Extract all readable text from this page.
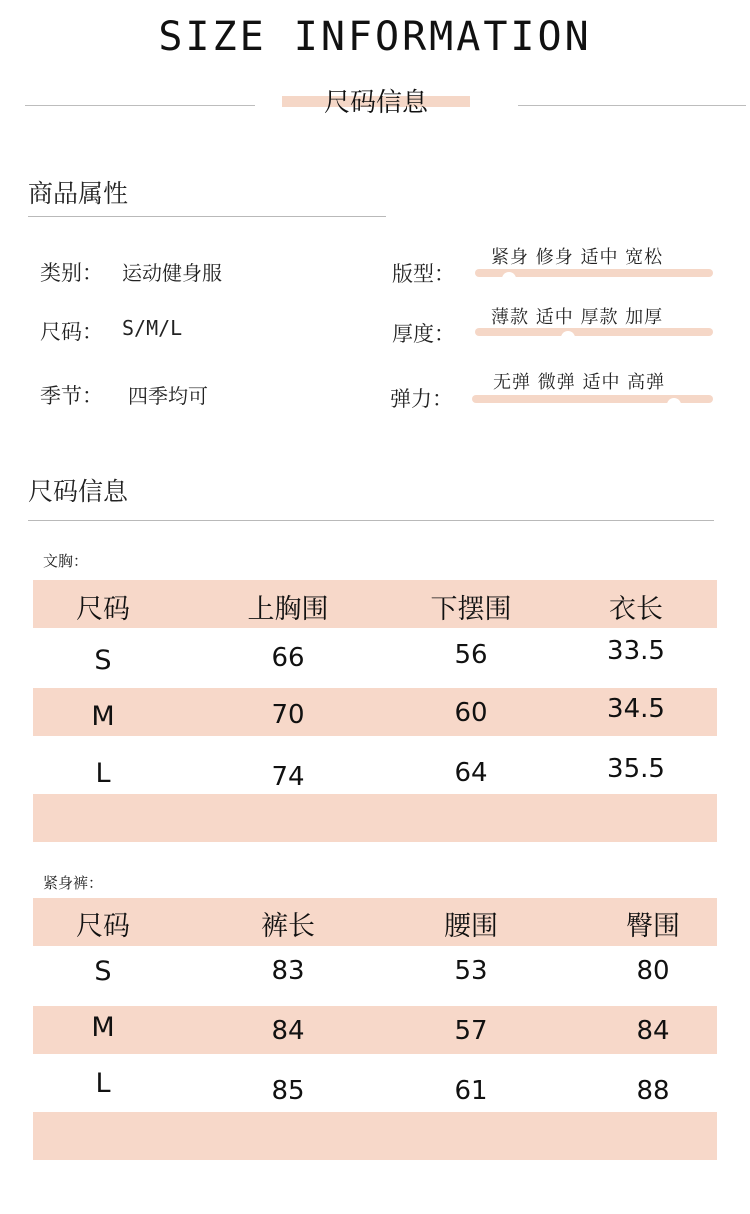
SIZE INFORMATION
尺码信息
商品属性
类别： 运动健身服
尺码： S/M/L
季节： 四季均可
版型：
紧身 修身 适中 宽松
厚度：
薄款 适中 厚款 加厚
弹力：
无弹 微弹 适中 高弹
尺码信息
文胸：
尺码	上胸围	下摆围	衣长
S	66	56	33.5
M	70	60	34.5
L	74	64	35.5
紧身裤：
尺码	裤长	腰围	臀围
S	83	53	80
M	84	57	84
L	85	61	88
